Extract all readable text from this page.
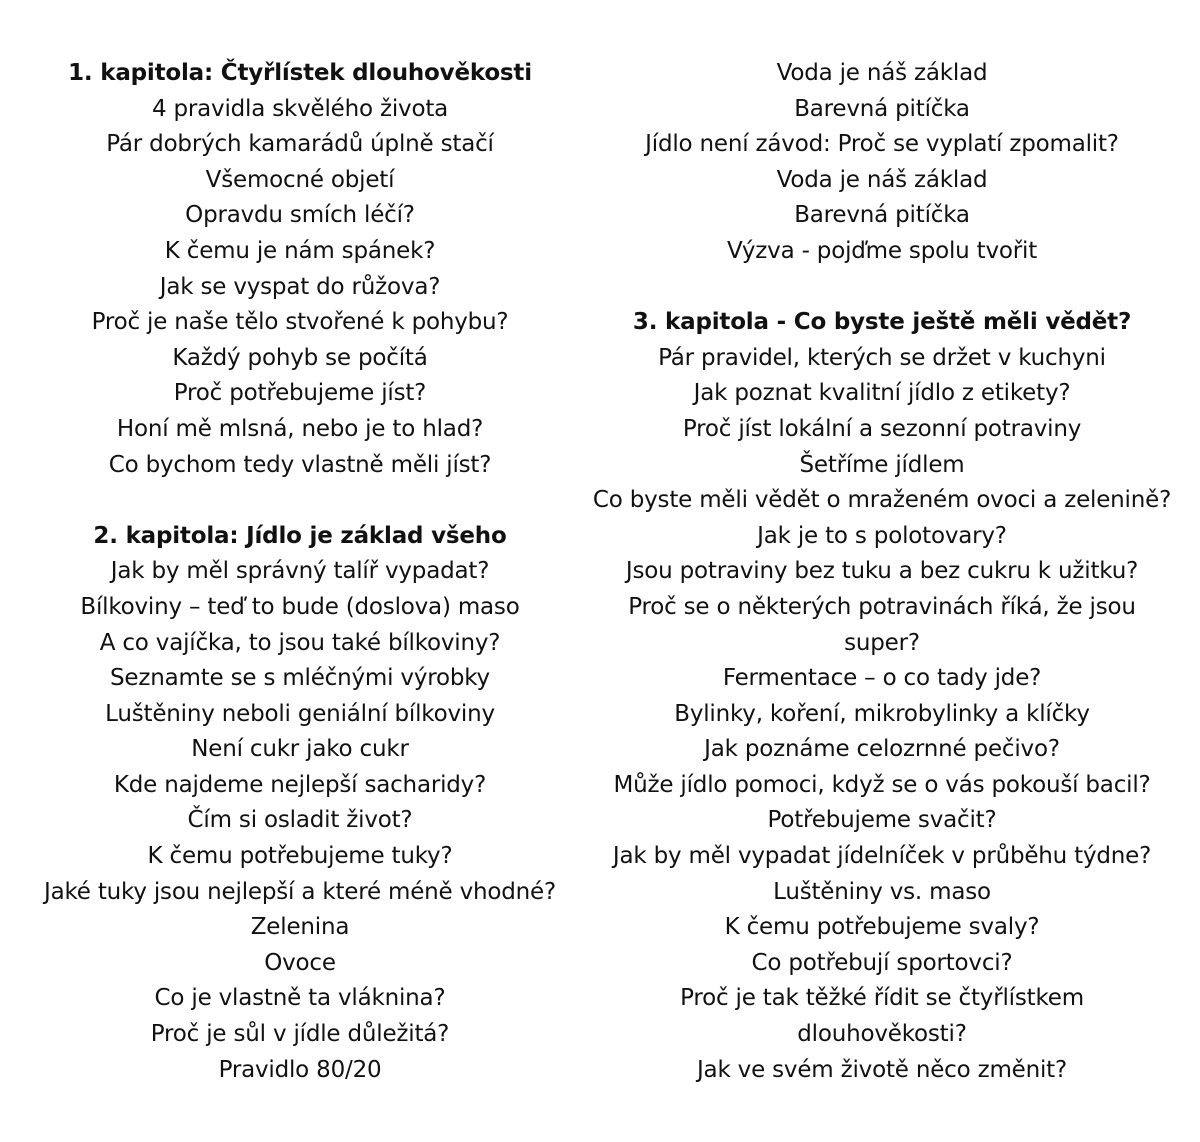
1. kapitola: Čtyřlístek dlouhověkosti
4 pravidla skvělého života
Pár dobrých kamarádů úplně stačí
Všemocné objetí
Opravdu smích léčí?
K čemu je nám spánek?
Jak se vyspat do růžova?
Proč je naše tělo stvořené k pohybu?
Každý pohyb se počítá
Proč potřebujeme jíst?
Honí mě mlsná, nebo je to hlad?
Co bychom tedy vlastně měli jíst?
2. kapitola: Jídlo je základ všeho
Jak by měl správný talíř vypadat?
Bílkoviny – teď to bude (doslova) maso
A co vajíčka, to jsou také bílkoviny?
Seznamte se s mléčnými výrobky
Luštěniny neboli geniální bílkoviny
Není cukr jako cukr
Kde najdeme nejlepší sacharidy?
Čím si osladit život?
K čemu potřebujeme tuky?
Jaké tuky jsou nejlepší a které méně vhodné?
Zelenina
Ovoce
Co je vlastně ta vláknina?
Proč je sůl v jídle důležitá?
Pravidlo 80/20
Voda je náš základ
Barevná pitíčka
Jídlo není závod: Proč se vyplatí zpomalit?
Voda je náš základ
Barevná pitíčka
Výzva - pojďme spolu tvořit
3. kapitola - Co byste ještě měli vědět?
Pár pravidel, kterých se držet v kuchyni
Jak poznat kvalitní jídlo z etikety?
Proč jíst lokální a sezonní potraviny
Šetříme jídlem
Co byste měli vědět o mraženém ovoci a zelenině?
Jak je to s polotovary?
Jsou potraviny bez tuku a bez cukru k užitku?
Proč se o některých potravinách říká, že jsou super?
Fermentace – o co tady jde?
Bylinky, koření, mikrobylinky a klíčky
Jak poznáme celozrnné pečivo?
Může jídlo pomoci, když se o vás pokouší bacil?
Potřebujeme svačit?
Jak by měl vypadat jídelníček v průběhu týdne?
Luštěniny vs. maso
K čemu potřebujeme svaly?
Co potřebují sportovci?
Proč je tak těžké řídit se čtyřlístkem dlouhověkosti?
Jak ve svém životě něco změnit?
